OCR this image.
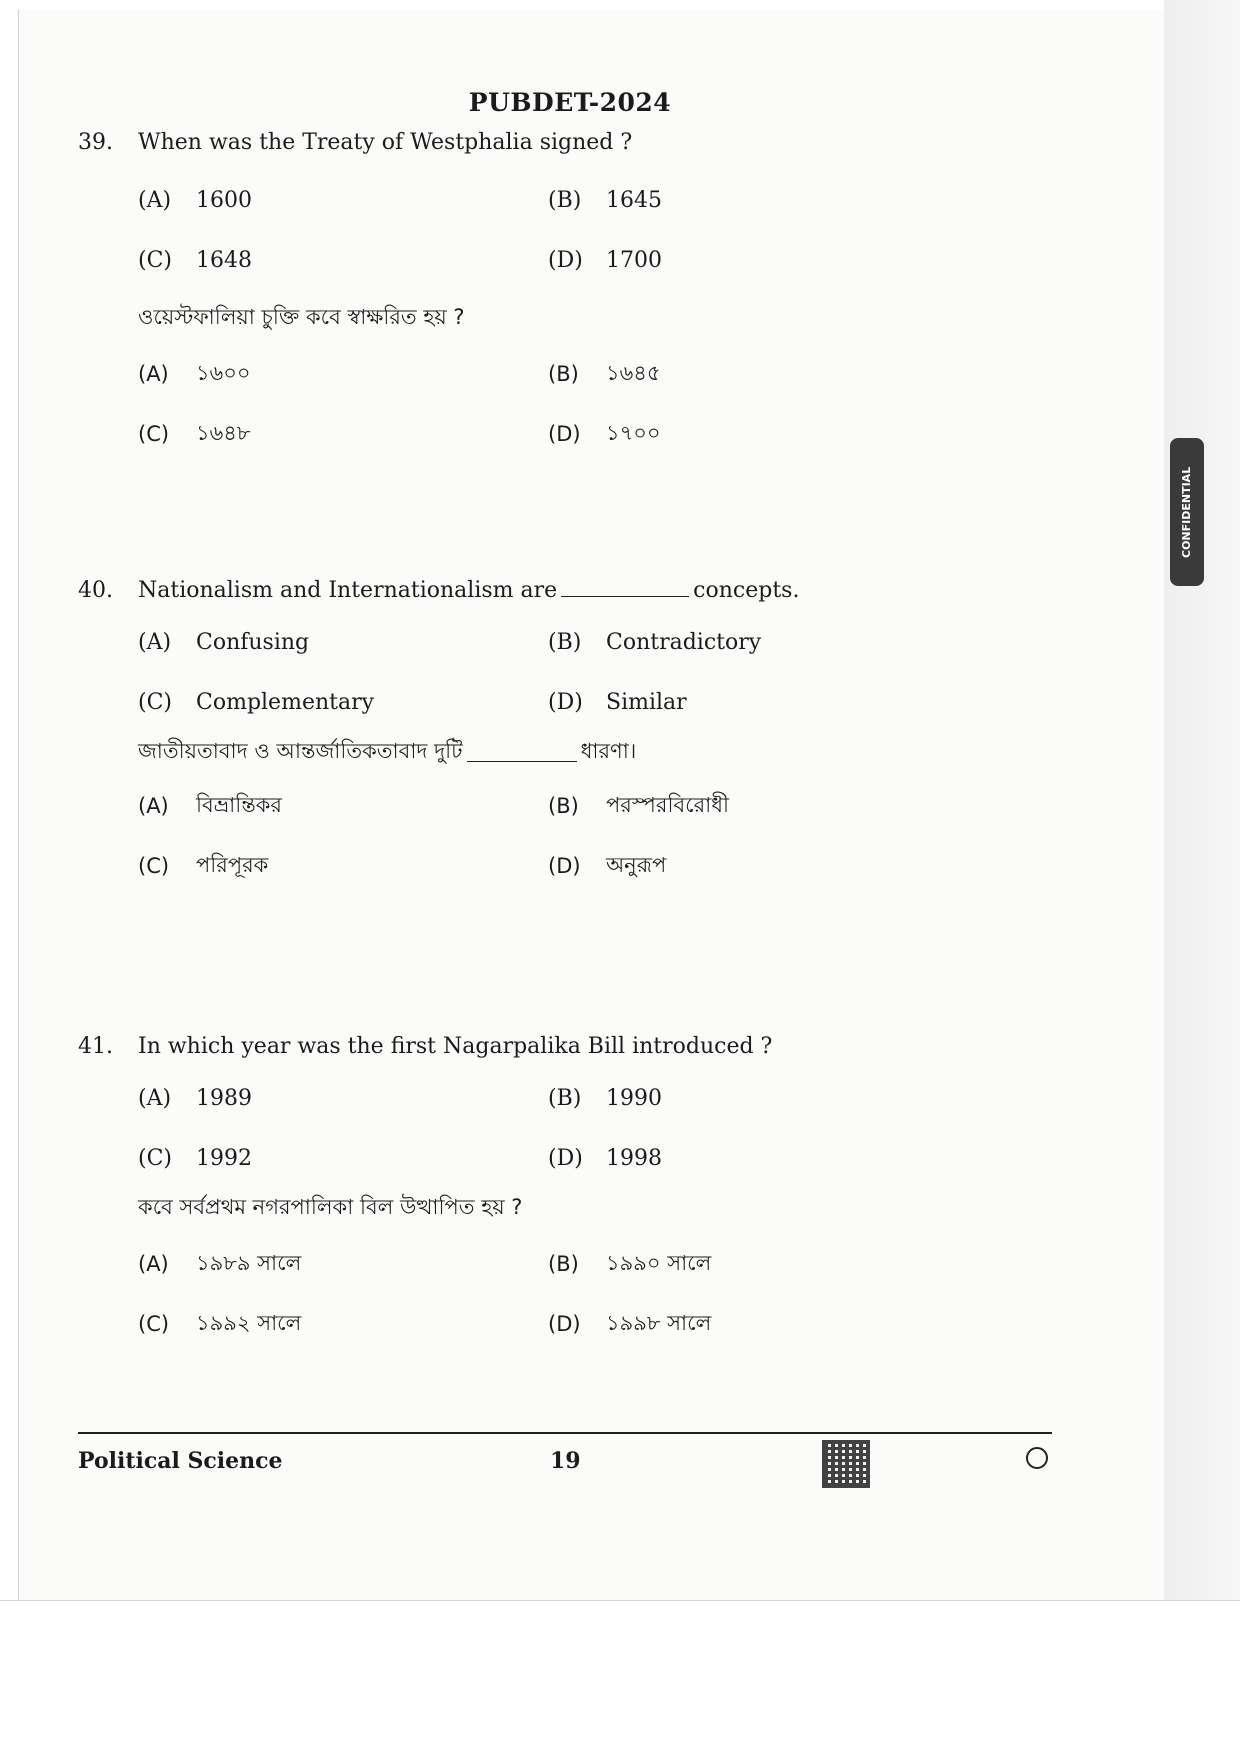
CONFIDENTIAL
PUBDET-2024
39.	When was the Treaty of Westphalia signed ?
(A)	1600	(B)	1645
(C)	1648	(D)	1700
ওয়েস্টফালিয়া চুক্তি কবে স্বাক্ষরিত হয় ?
(A)	১৬০০	(B)	১৬৪৫
(C)	১৬৪৮	(D)	১৭০০
40.	Nationalism and Internationalism are	concepts.
(A)	Confusing	(B)	Contradictory
(C)	Complementary	(D)	Similar
জাতীয়তাবাদ ও আন্তর্জাতিকতাবাদ দুটি	ধারণা।
(A)	বিভ্রান্তিকর	(B)	পরস্পরবিরোধী
(C)	পরিপূরক	(D)	অনুরূপ
41.	In which year was the first Nagarpalika Bill introduced ?
(A)	1989	(B)	1990
(C)	1992	(D)	1998
কবে সর্বপ্রথম নগরপালিকা বিল উত্থাপিত হয় ?
(A)	১৯৮৯ সালে	(B)	১৯৯০ সালে
(C)	১৯৯২ সালে	(D)	১৯৯৮ সালে
Political Science	19
